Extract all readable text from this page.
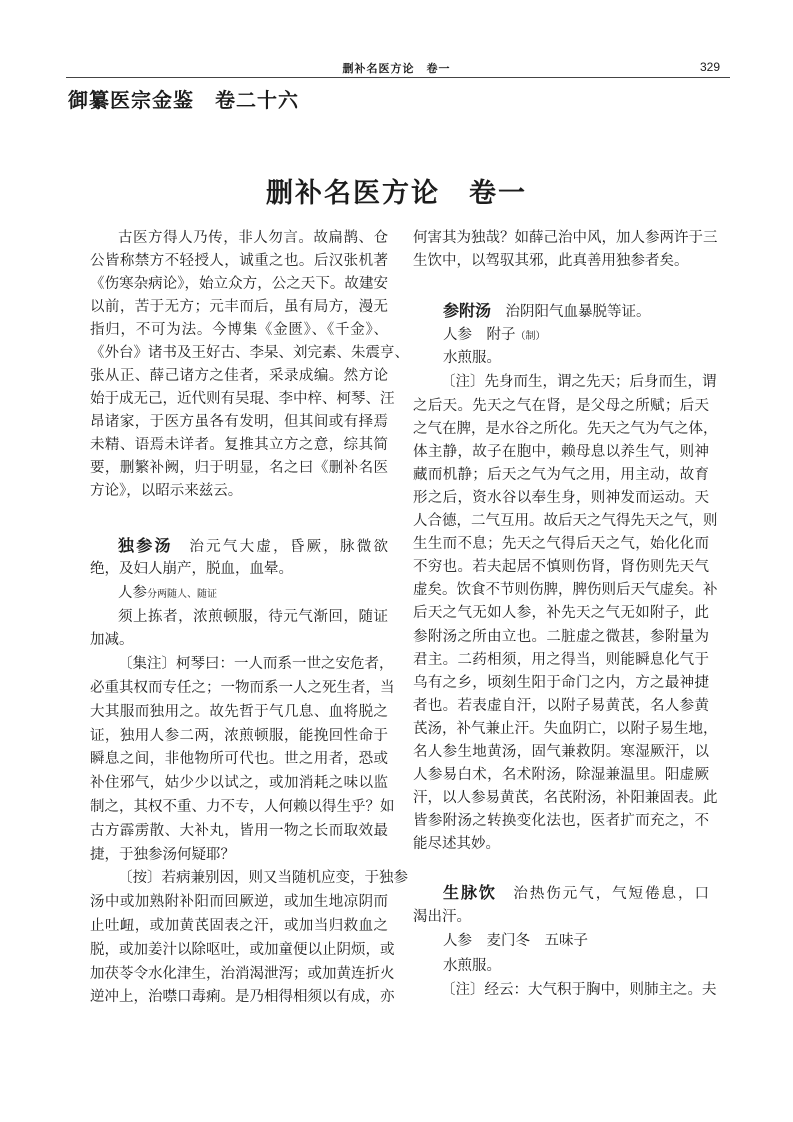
删补名医方论　卷一	329
御纂医宗金鉴　卷二十六
删补名医方论　卷一
古医方得人乃传，非人勿言。故扁鹊、仓
公皆称禁方不轻授人，诚重之也。后汉张机著
《伤寒杂病论》，始立众方，公之天下。故建安
以前，苦于无方；元丰而后，虽有局方，漫无
指归，不可为法。今博集《金匮》、《千金》、
《外台》诸书及王好古、李杲、刘完素、朱震亨、
张从正、薛己诸方之佳者，采录成编。然方论
始于成无己，近代则有吴琨、李中梓、柯琴、汪
昂诸家，于医方虽各有发明，但其间或有择焉
未精、语焉未详者。复推其立方之意，综其简
要，删繁补阙，归于明显，名之曰《删补名医
方论》，以昭示来兹云。
独参汤　治元气大虚，昏厥，脉微欲
绝，及妇人崩产，脱血，血晕。
人参分两随人、随证
须上拣者，浓煎顿服，待元气渐回，随证
加减。
〔集注〕柯琴曰：一人而系一世之安危者，
必重其权而专任之；一物而系一人之死生者，当
大其服而独用之。故先哲于气几息、血将脱之
证，独用人参二两，浓煎顿服，能挽回性命于
瞬息之间，非他物所可代也。世之用者，恐或
补住邪气，姑少少以试之，或加消耗之味以监
制之，其权不重、力不专，人何赖以得生乎？如
古方霹雳散、大补丸，皆用一物之长而取效最
捷，于独参汤何疑耶？
〔按〕若病兼别因，则又当随机应变，于独参
汤中或加熟附补阳而回厥逆，或加生地凉阴而
止吐衄，或加黄芪固表之汗，或加当归救血之
脱，或加姜汁以除呕吐，或加童便以止阴烦，或
加茯苓令水化津生，治消渴泄泻；或加黄连折火
逆冲上，治噤口毒痢。是乃相得相须以有成，亦
何害其为独哉？如薛己治中风，加人参两许于三
生饮中，以驾驭其邪，此真善用独参者矣。
参附汤　治阴阳气血暴脱等证。
人参　附子（制）
水煎服。
〔注〕先身而生，谓之先天；后身而生，谓
之后天。先天之气在肾，是父母之所赋；后天
之气在脾，是水谷之所化。先天之气为气之体，
体主静，故子在胞中，赖母息以养生气，则神
藏而机静；后天之气为气之用，用主动，故育
形之后，资水谷以奉生身，则神发而运动。天
人合德，二气互用。故后天之气得先天之气，则
生生而不息；先天之气得后天之气，始化化而
不穷也。若夫起居不慎则伤肾，肾伤则先天气
虚矣。饮食不节则伤脾，脾伤则后天气虚矣。补
后天之气无如人参，补先天之气无如附子，此
参附汤之所由立也。二脏虚之微甚，参附量为
君主。二药相须，用之得当，则能瞬息化气于
乌有之乡，顷刻生阳于命门之内，方之最神捷
者也。若表虚自汗，以附子易黄芪，名人参黄
芪汤，补气兼止汗。失血阴亡，以附子易生地，
名人参生地黄汤，固气兼救阴。寒湿厥汗，以
人参易白术，名术附汤，除湿兼温里。阳虚厥
汗，以人参易黄芪，名芪附汤，补阳兼固表。此
皆参附汤之转换变化法也，医者扩而充之，不
能尽述其妙。
生脉饮　治热伤元气，气短倦息，口
渴出汗。
人参　麦门冬　五味子
水煎服。
〔注〕经云：大气积于胸中，则肺主之。夫
